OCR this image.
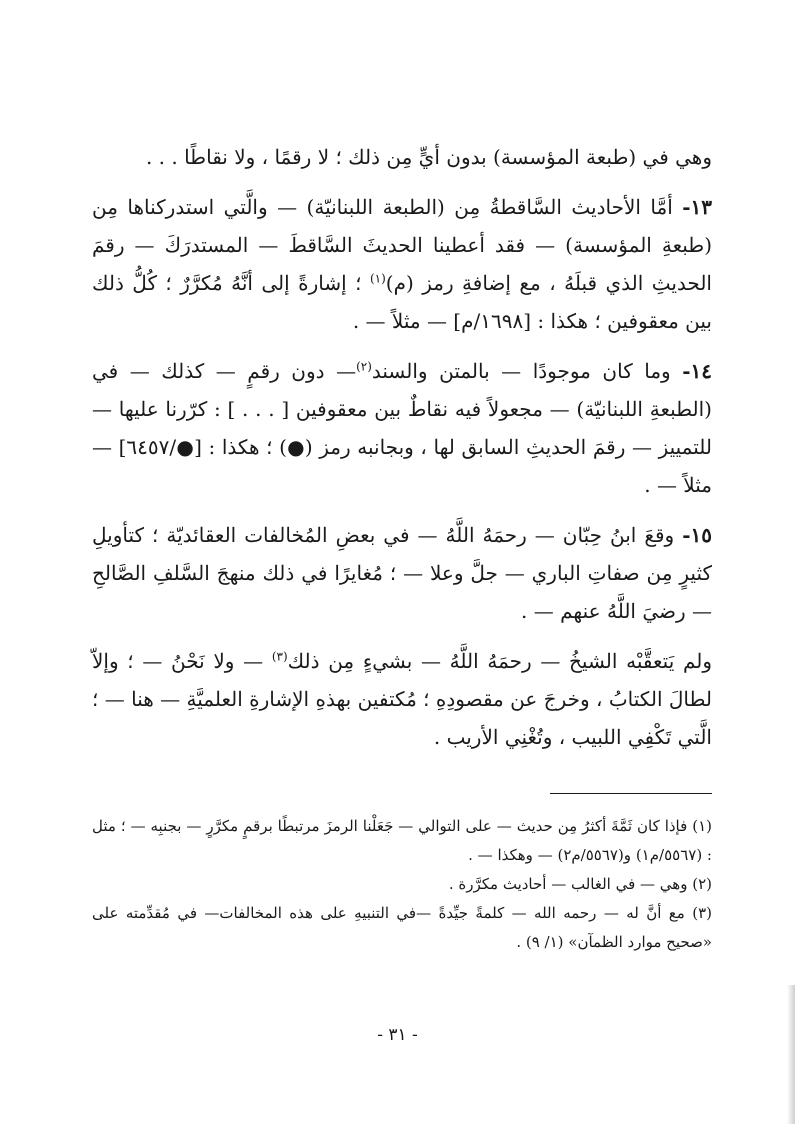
وهي في (طبعة المؤسسة) بدون أيٍّ مِن ذلك ؛ لا رقمًا ، ولا نقاطًا . . .

١٣- أمَّا الأحاديث السَّاقطةُ مِن (الطبعة اللبنانيّة) — والَّتي استدركناها مِن (طبعةِ المؤسسة) — فقد أعطينا الحديثَ السَّاقطَ — المستدرَكَ — رقمَ الحديثِ الذي قبلَهُ ، مع إضافةِ رمز (م)$^{(١)}$ ؛ إشارةً إلى أنَّهُ مُكرَّرٌ ؛ كُلُّ ذلك بين معقوفين ؛ هكذا : [١٦٩٨/م] — مثلاً — .

١٤- وما كان موجودًا — بالمتن والسند$^{(٢)}$— دون رقمٍ — كذلك — في (الطبعةِ اللبنانيّة) — مجعولاً فيه نقاطٌ بين معقوفين [ . . . ] : كرّرنا عليها — للتمييز — رقمَ الحديثِ السابق لها ، وبجانبه رمز (●) ؛ هكذا : [●/٦٤٥٧] — مثلاً — .

١٥- وقعَ ابنُ حِبّان — رحمَهُ اللَّهُ — في بعضِ المُخالفات العقائديّة ؛ كتأويلِ كثيرٍ مِن صفاتِ الباري — جلَّ وعلا — ؛ مُغايرًا في ذلك منهجَ السَّلفِ الصَّالحِ — رضيَ اللَّهُ عنهم — .

ولم يَتعقَّبْه الشيخُ — رحمَهُ اللَّهُ — بشيءٍ مِن ذلك$^{(٣)}$ — ولا نَحْنُ — ؛ وإلاّ لطالَ الكتابُ ، وخرجَ عن مقصودِهِ ؛ مُكتفين بهذهِ الإشارةِ العلميَّةِ — هنا — ؛ الَّتي تَكْفِي اللبيب ، وتُغْنِي الأريب .

(١) فإذا كان ثَمَّةَ أكثرُ مِن حديث — على التوالي — جَعَلْنا الرمزَ مرتبطًا برقمٍ مكرَّرٍ — بجنبِه — ؛ مثل : (٥٥٦٧/م١) و(٥٥٦٧/م٢) — وهكذا — .

(٢) وهي — في الغالب — أحاديث مكرَّرة .

(٣) مع أنَّ له — رحمه الله — كلمةً جيِّدةً —في التنبيهِ على هذه المخالفات— في مُقدِّمته على «صحيح موارد الظمآن» (١/ ٩) .

- ٣١ -
